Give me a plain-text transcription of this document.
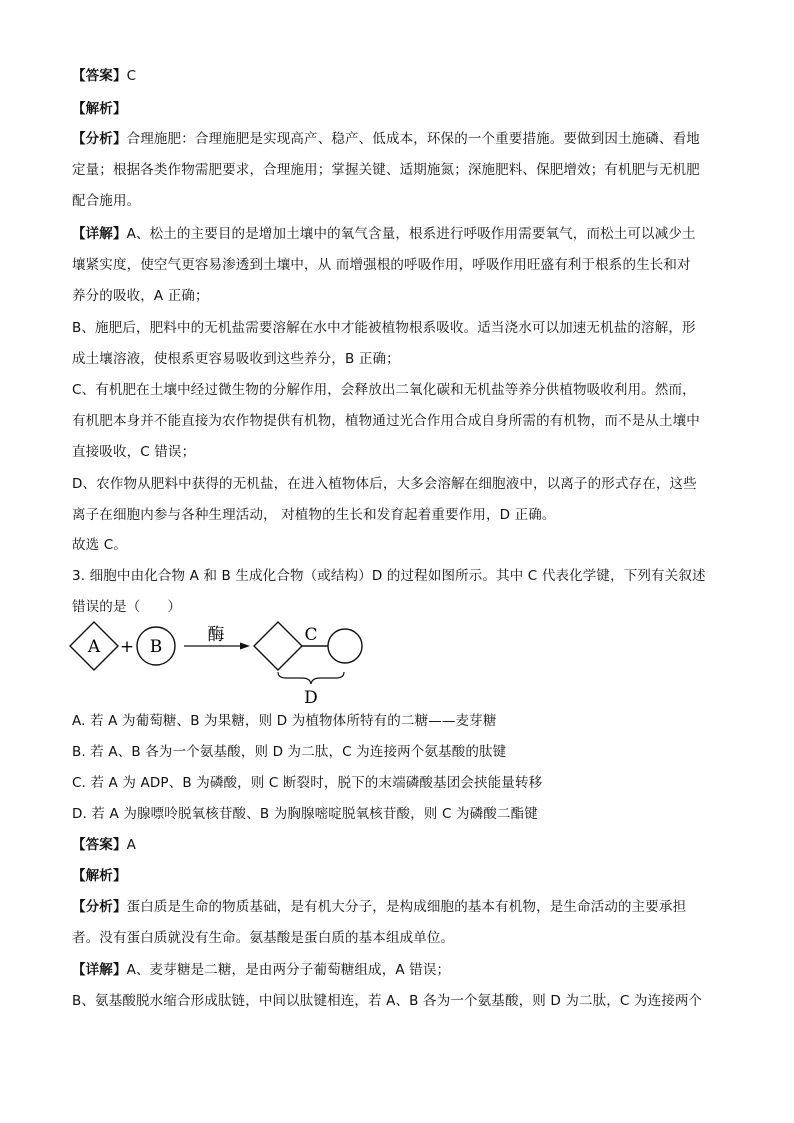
【答案】C
【解析】
【分析】合理施肥：合理施肥是实现高产、稳产、低成本，环保的一个重要措施。要做到因土施磷、看地
定量；根据各类作物需肥要求，合理施用；掌握关键、适期施氮；深施肥料、保肥增效；有机肥与无机肥
配合施用。
【详解】A、松土的主要目的是增加土壤中的氧气含量，根系进行呼吸作用需要氧气，而松土可以减少土
壤紧实度，使空气更容易渗透到土壤中，从 而增强根的呼吸作用，呼吸作用旺盛有利于根系的生长和对
养分的吸收，A 正确；
B、施肥后，肥料中的无机盐需要溶解在水中才能被植物根系吸收。适当浇水可以加速无机盐的溶解，形
成土壤溶液，使根系更容易吸收到这些养分，B 正确；
C、有机肥在土壤中经过微生物的分解作用，会释放出二氧化碳和无机盐等养分供植物吸收利用。然而，
有机肥本身并不能直接为农作物提供有机物，植物通过光合作用合成自身所需的有机物，而不是从土壤中
直接吸收，C 错误；
D、农作物从肥料中获得的无机盐，在进入植物体后，大多会溶解在细胞液中，以离子的形式存在，这些
离子在细胞内参与各种生理活动， 对植物的生长和发育起着重要作用，D 正确。
故选 C。
3. 细胞中由化合物 A 和 B 生成化合物（或结构）D 的过程如图所示。其中 C 代表化学键，下列有关叙述
错误的是（　　）
A + B
酶	C
D
A. 若 A 为葡萄糖、B 为果糖，则 D 为植物体所特有的二糖——麦芽糖
B. 若 A、B 各为一个氨基酸，则 D 为二肽，C 为连接两个氨基酸的肽键
C. 若 A 为 ADP、B 为磷酸，则 C 断裂时，脱下的末端磷酸基团会挟能量转移
D. 若 A 为腺嘌呤脱氧核苷酸、B 为胸腺嘧啶脱氧核苷酸，则 C 为磷酸二酯键
【答案】A
【解析】
【分析】蛋白质是生命的物质基础，是有机大分子，是构成细胞的基本有机物，是生命活动的主要承担
者。没有蛋白质就没有生命。氨基酸是蛋白质的基本组成单位。
【详解】A、麦芽糖是二糖，是由两分子葡萄糖组成，A 错误；
B、氨基酸脱水缩合形成肽链，中间以肽键相连，若 A、B 各为一个氨基酸，则 D 为二肽，C 为连接两个
